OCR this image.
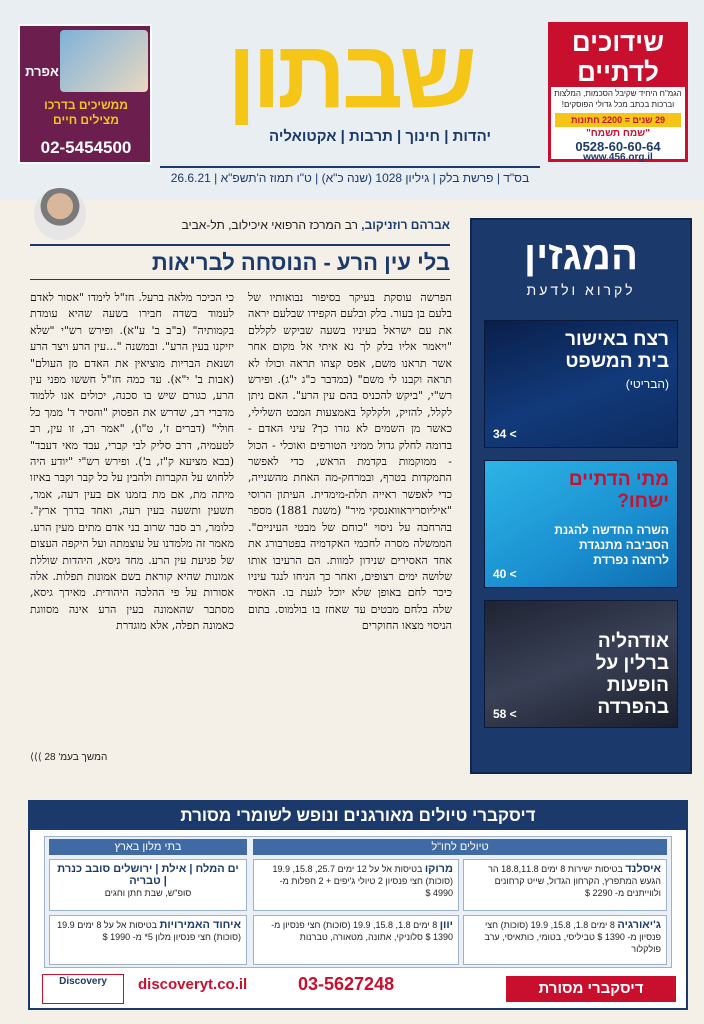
אפרת
ממשיכים בדרכו מצילים חיים
02-5454500
שבתון
יהדות | חינוך | תרבות | אקטואליה
בס"ד | פרשת בלק | גיליון 1028 (שנה כ"א) | ט"ו תמוז ה'תשפ"א | 26.6.21
שידוכים לדתיים
הגמ"ח היחיד שקיבל הסכמות, המלצות
וברכות בכתב מכל גדולי הפוסקים!
29 שנים = 2200 חתונות
"שמח תשמח"
0528-60-60-64
www.456.org.il
אברהם רוזניקוב, רב המרכז הרפואי איכילוב, תל-אביב
בלי עין הרע - הנוסחה לבריאות
הפרשה עוסקת בעיקר בסיפור נבואותיו של בלעם בן בעור. בלק ובלעם הקפידו שבלעם יראה את עם ישראל בעיניו בשעה שביקש לקללם "ויאמר אליו בלק לך נא איתי אל מקום אחר אשר תראנו משם, אפס קצהו תראה וכולו לא תראה וקבנו לי משם" (במדבר כ"ג י"ג). ופירש רש"י, "ביקש להכניס בהם עין הרע". האם ניתן לקלל, להזיק, ולקלקל באמצעות המבט השלילי, כאשר מן השמים לא גזרו כך? עיני האדם - בדומה לחלק גדול ממיני הטורפים ואוכלי - הכול - ממוקמות בקדמת הראש, כדי לאפשר התמקדות בטרף, ובמרחק-מה האחת מהשנייה, כדי לאפשר ראייה תלת-מימדית. העיתון הרוסי "איליוסריראוואנסקי מיר" (משנת 1881) מספר בהרחבה על ניסוי "כוחם של מבטי העיניים". הממשלה מסרה לחכמי האקדמיה בפטרבורג את אחד האסירים שנידון למוות. הם הרעיבו אותו שלושה ימים רצופים, ואחר כך הניחו לנגד עיניו כיכר לחם באופן שלא יוכל לגעת בו. האסיר שלה בלחם מבטים עד שאחז בו בולמוס. בתום הניסוי מצאו החוקרים
כי הכיכר מלאה ברעל. חז"ל לימדו "אסור לאדם לעמוד בשדה חבירו בשעה שהיא עומדת בקמותיה" (ב"ב ב' ע"א). ופירש רש"י "שלא יזיקנו בעין הרע". ובמשנה "...עין הרע ויצר הרע ושנאת הבריות מוציאין את האדם מן העולם" (אבות ב' י"א). עד כמה חז"ל חששו מפני עין הרע, כגורם שיש בו סכנה, יכולים אנו ללמוד מדברי רב, שדרש את הפסוק "והסיר ד' ממך כל חולי" (דברים ז', ט"ו), "אמר רב, זו עין, רב לטעמיה, דרב סליק לבי קברי, עבד מאי דעבד" (בבא מציעא ק"ז, ב'). ופירש רש"י "יודע היה ללחוש על הקברות ולהבין על כל קבר וקבר באיזו מיתה מת, אם מת בזמנו אם בעין רעה, אמר, תשעין ותשעה בעין רעה, ואחד בדרך ארץ". כלומר, רב סבר שרוב בני אדם מתים מעין הרע. מאמר זה מלמדנו על עוצמתה ועל היקפה העצום של פגיעת עין הרע. מחד גיסא, היהדות שוללת אמונות שהיא קוראת בשם אמונות תפלות. אלה אסורות על פי ההלכה היהודית. מאידך גיסא, מסתבר שהאמונה בעין הרע אינה מסווגת כאמונה תפלה, אלא מוגדרת
המשך בעמ' 28 ⟩⟩⟩
המגזין
לקרוא ולדעת
רצח באישור בית המשפט
(הבריטי)
34 <
מתי הדתיים ישחו?
השרה החדשה להגנת הסביבה מתנגדת לרחצה נפרדת
40 <
אודהליה ברלין על הופעות בהפרדה
58 <
דיסקברי טיולים מאורגנים ונופש לשומרי מסורת
טיולים לחו"ל
בתי מלון בארץ
איסלנד בטיסות ישירות 8 ימים 18.8,11.8 הר הגעש המתפרץ, הקרחון הגדול, שייט קרחונים ולווייתנים מ- 2290 $
מרוקו בטיסות אל על 12 ימים 25.7, 15.8, 19.9 (סוכות) חצי פנסיון 2 טיולי ג'יפים + 2 חפלות מ- 4990 $
ג'יאורגיה 8 ימים 1.8, 15.8, 19.9 (סוכות) חצי פנסיון מ- 1390 $ טביליסי, בטומי, כותאיסי, ערב פולקלור
יוון 8 ימים 1.8, 15.8, 19.9 (סוכות) חצי פנסיון מ- 1390 $ סלוניקי, אתונה, מטאורה, טברנות
ים המלח | אילת | ירושלים סובב כנרת | טבריה
סופ"ש, שבת חתן וחגים
איחוד האמירויות בטיסות אל על 8 ימים 19.9 (סוכות) חצי פנסיון מלון 5* מ- 1990 $
דיסקברי מסורת
03-5627248
discoveryt.co.il
Discovery
